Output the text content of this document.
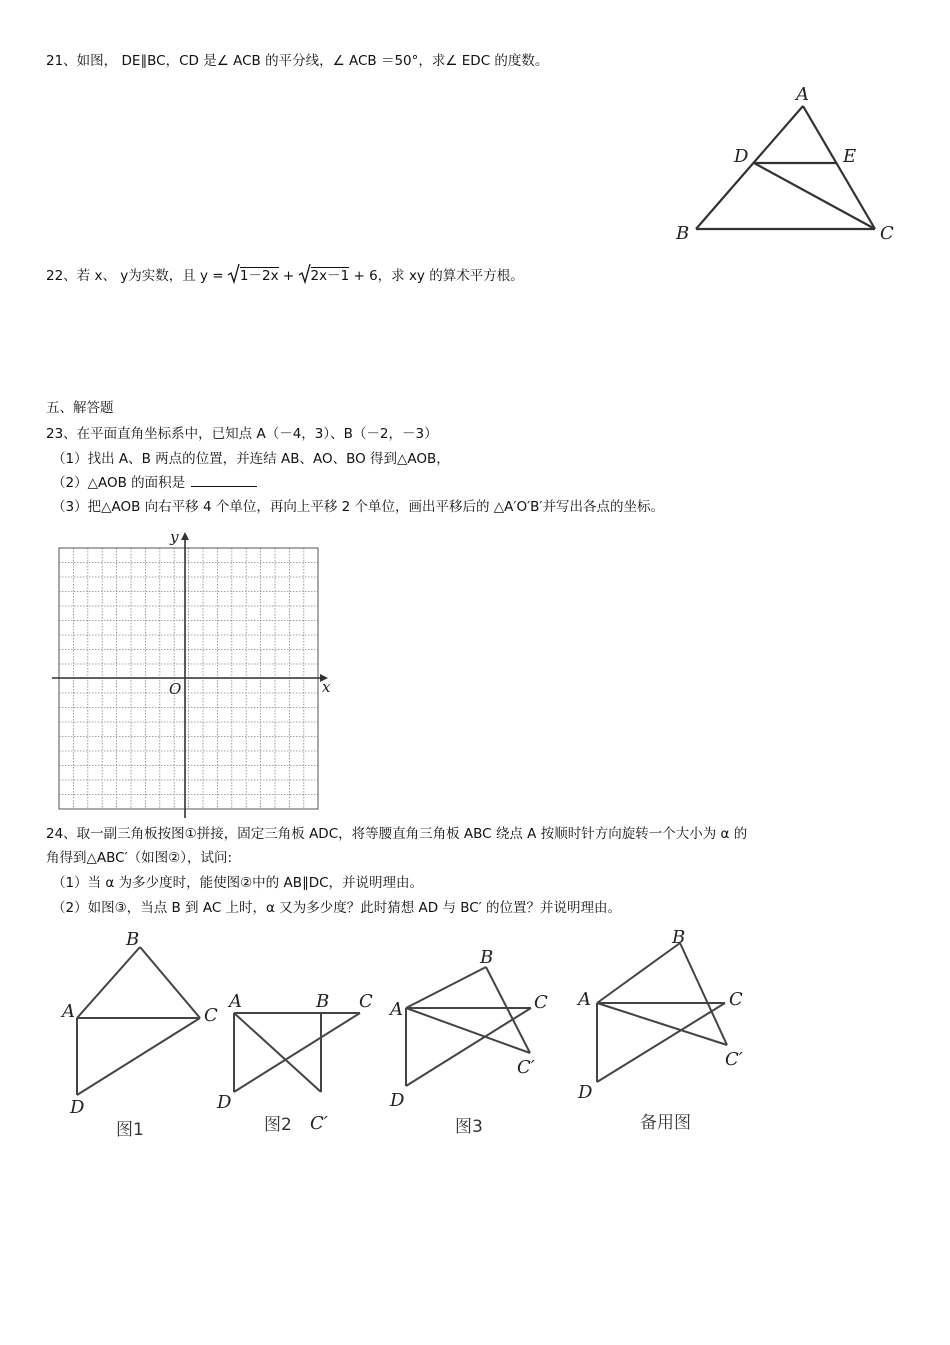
21、如图， DE∥BC，CD 是∠ ACB 的平分线，∠ ACB ＝50°，求∠ EDC 的度数。
A
B	C
D	E
22、若 x、 y为实数，且 y = 1－2x + 2x－1 + 6，求 xy 的算术平方根。
五、解答题
23、在平面直角坐标系中，已知点 A（－4，3）、B（－2，－3）
（1）找出 A、B 两点的位置，并连结 AB、AO、BO 得到△AOB，
（2）△AOB 的面积是
（3）把△AOB 向右平移 4 个单位，再向上平移 2 个单位，画出平移后的 △A′O′B′并写出各点的坐标。
y
x
O
24、取一副三角板按图①拼接，固定三角板 ADC，将等腰直角三角板 ABC 绕点 A 按顺时针方向旋转一个大小为 α 的
角得到△ABC′（如图②），试问:
（1）当 α 为多少度时，能使图②中的 AB∥DC，并说明理由。
（2）如图③，当点 B 到 AC 上时，α 又为多少度？此时猜想 AD 与 BC′ 的位置？并说明理由。
B
A	C
D
图1
A	B C
D
C′
图2
B
A	C
C′
D
图3
B
A	C
C′
D
备用图
